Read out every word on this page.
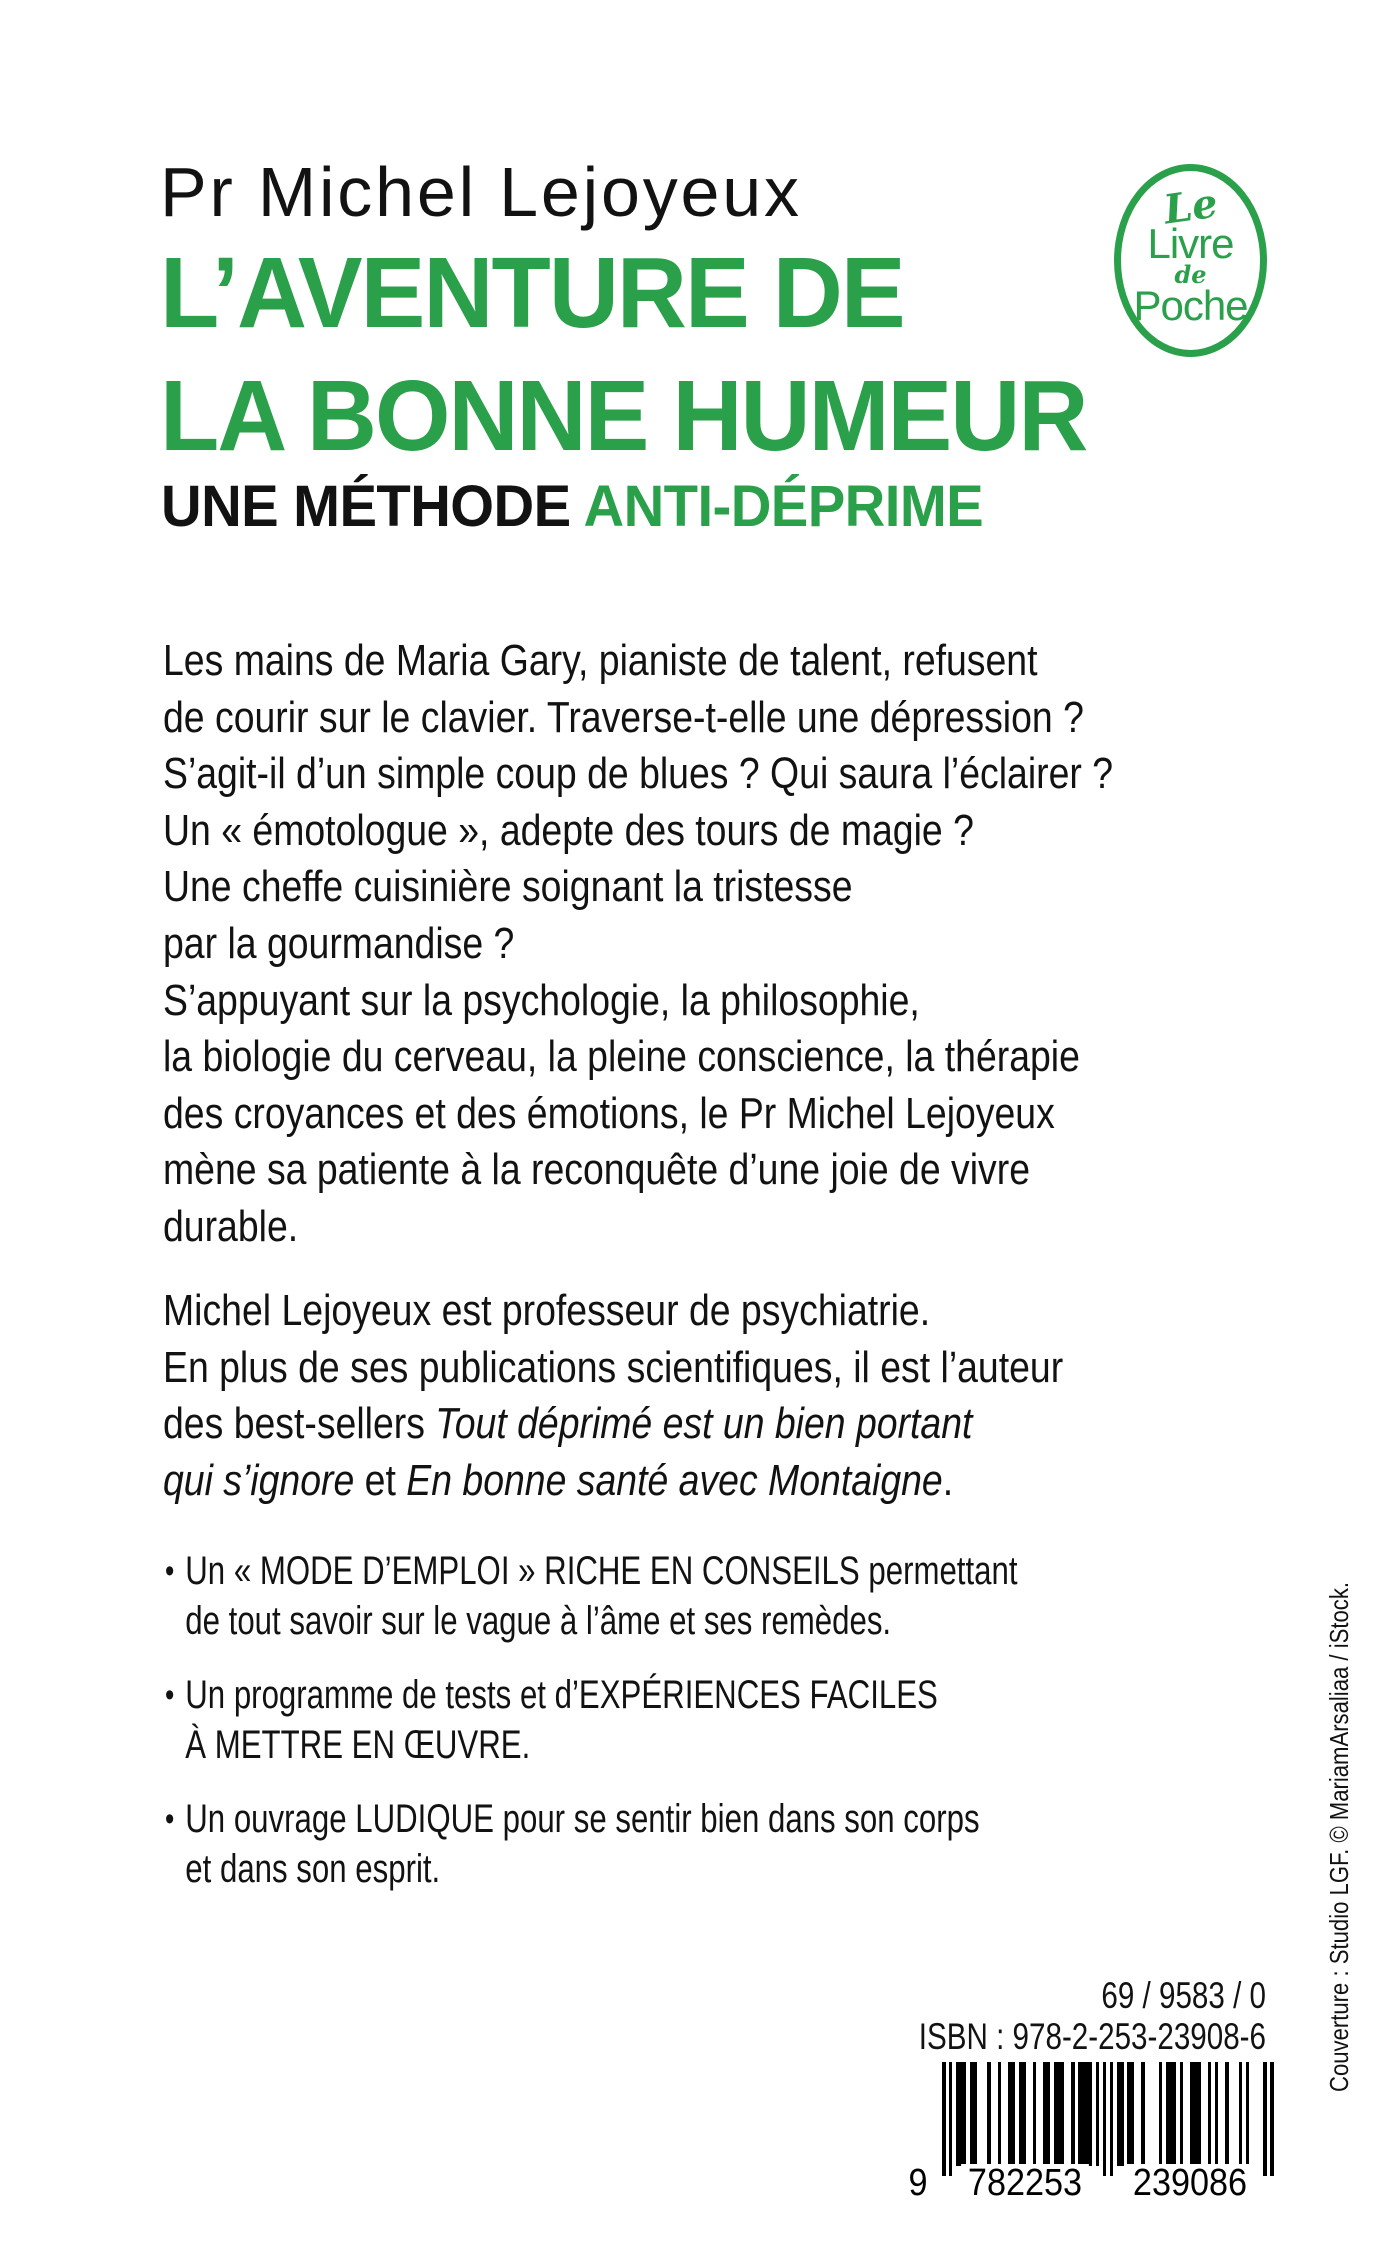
Le
Livre
de
Poche
Pr Michel Lejoyeux
L’AVENTURE DE
LA BONNE HUMEUR
UNE MÉTHODE ANTI-DÉPRIME
Les mains de Maria Gary, pianiste de talent, refusent
de courir sur le clavier. Traverse-t-elle une dépression ?
S’agit-il d’un simple coup de blues ? Qui saura l’éclairer ?
Un « émotologue », adepte des tours de magie ?
Une cheffe cuisinière soignant la tristesse
par la gourmandise ?
S’appuyant sur la psychologie, la philosophie,
la biologie du cerveau, la pleine conscience, la thérapie
des croyances et des émotions, le Pr Michel Lejoyeux
mène sa patiente à la reconquête d’une joie de vivre
durable.
Michel Lejoyeux est professeur de psychiatrie.
En plus de ses publications scientifiques, il est l’auteur
des best-sellers Tout déprimé est un bien portant
qui s’ignore et En bonne santé avec Montaigne.
• Un « MODE D’EMPLOI » RICHE EN CONSEILS permettant
de tout savoir sur le vague à l’âme et ses remèdes.
• Un programme de tests et d’EXPÉRIENCES FACILES
À METTRE EN ŒUVRE.
• Un ouvrage LUDIQUE pour se sentir bien dans son corps
et dans son esprit.
69 / 9583 / 0
ISBN : 978-2-253-23908-6
9 782253 239086
Couverture : Studio LGF. © MariamArsaliaa / iStock.
